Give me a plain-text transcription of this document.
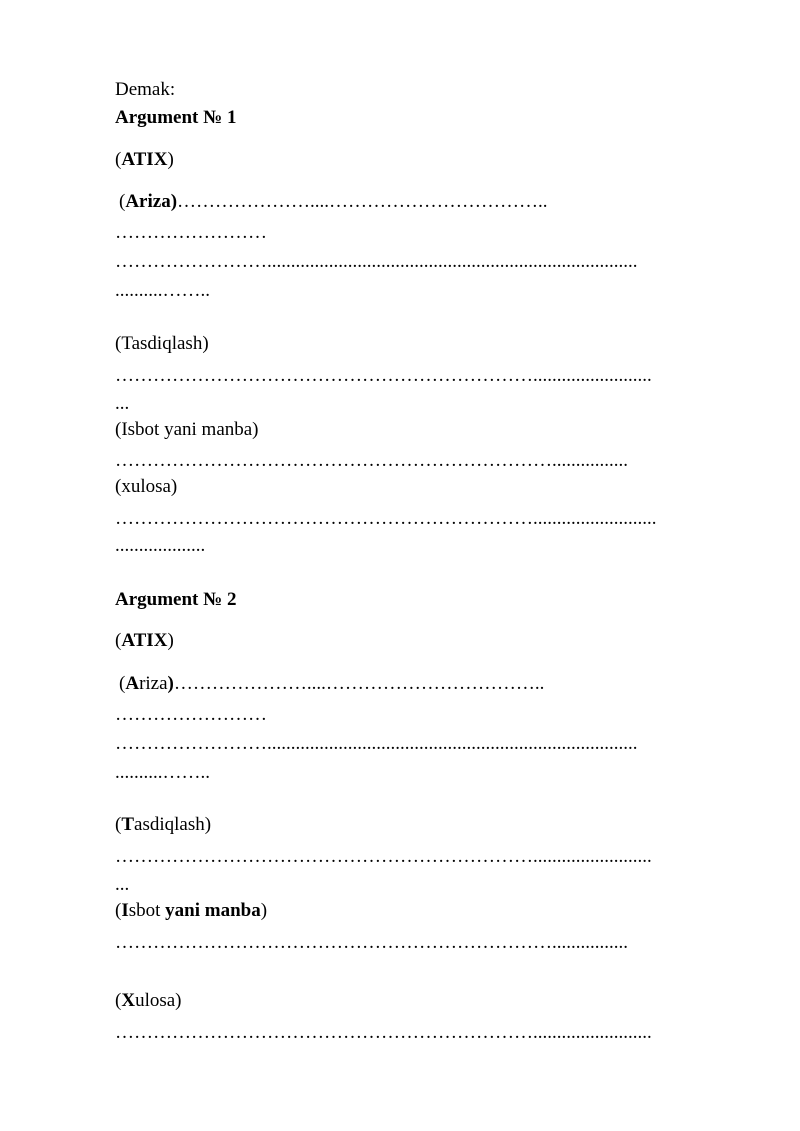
Demak:

Argument № 1

(ATIX)

(Ariza)…………………....……………………………..

……………………

……………………..............................................................................

..........……..

(Tasdiqlash)

………………………………………………………….........................

...

(Isbot yani manba)

……………………………………………………………................

(xulosa)

…………………………………………………………..........................

...................

Argument № 2

(ATIX)

(Ariza)…………………....……………………………..

……………………

……………………..............................................................................

..........……..

(Tasdiqlash)

………………………………………………………….........................

...

(Isbot yani manba)

……………………………………………………………................

(Xulosa)

………………………………………………………….........................
